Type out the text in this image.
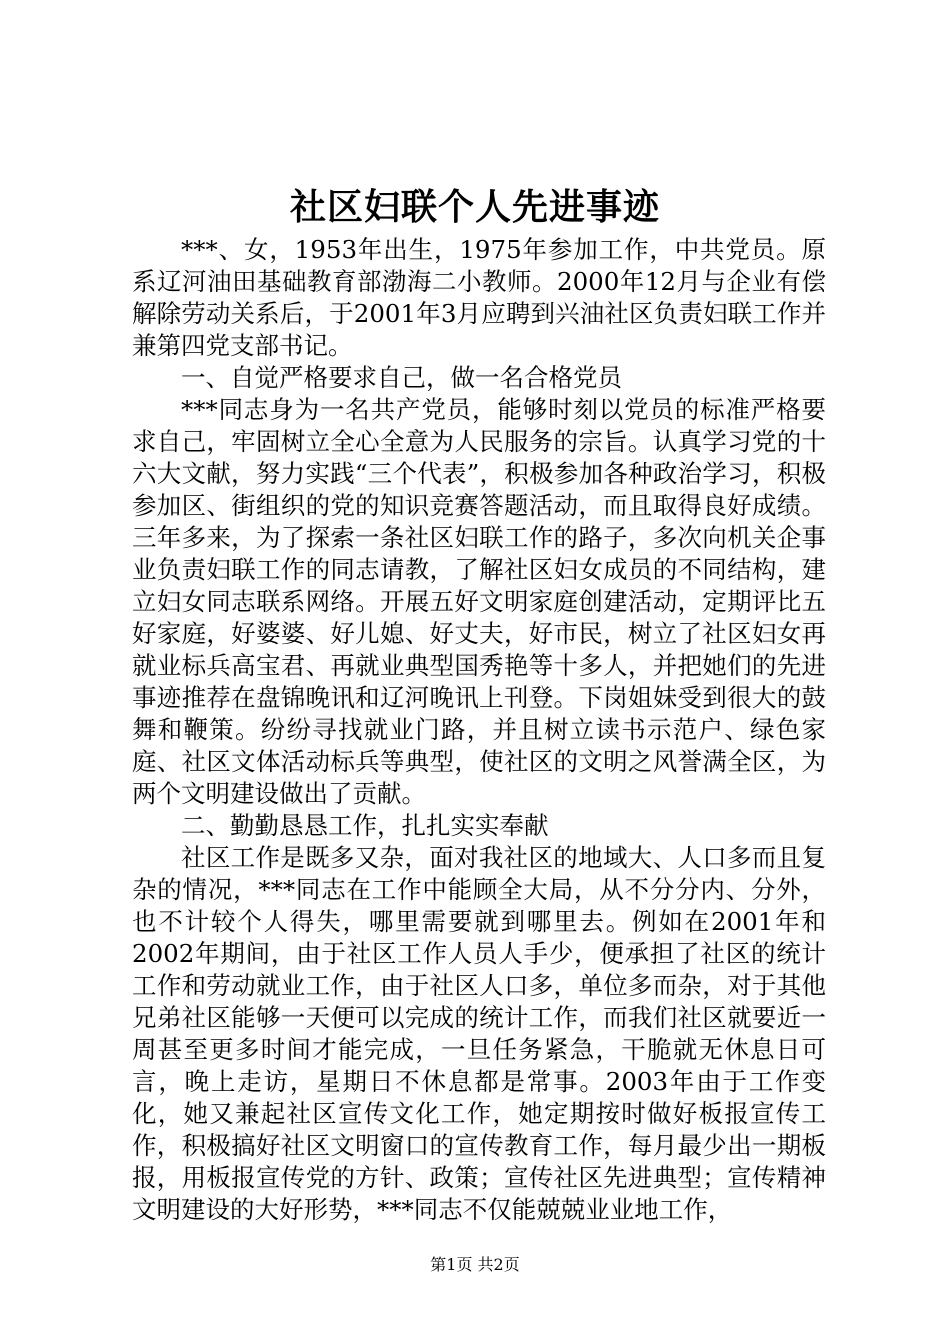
社区妇联个人先进事迹

***、女，1953年出生，1975年参加工作，中共党员。原系辽河油田基础教育部渤海二小教师。2000年12月与企业有偿解除劳动关系后，于2001年3月应聘到兴油社区负责妇联工作并兼第四党支部书记。

一、自觉严格要求自己，做一名合格党员

***同志身为一名共产党员，能够时刻以党员的标准严格要求自己，牢固树立全心全意为人民服务的宗旨。认真学习党的十六大文献，努力实践“三个代表”，积极参加各种政治学习，积极参加区、街组织的党的知识竞赛答题活动，而且取得良好成绩。三年多来，为了探索一条社区妇联工作的路子，多次向机关企事业负责妇联工作的同志请教，了解社区妇女成员的不同结构，建立妇女同志联系网络。开展五好文明家庭创建活动，定期评比五好家庭，好婆婆、好儿媳、好丈夫，好市民，树立了社区妇女再就业标兵高宝君、再就业典型国秀艳等十多人，并把她们的先进事迹推荐在盘锦晚讯和辽河晚讯上刊登。下岗姐妹受到很大的鼓舞和鞭策。纷纷寻找就业门路，并且树立读书示范户、绿色家庭、社区文体活动标兵等典型，使社区的文明之风誉满全区，为两个文明建设做出了贡献。

二、勤勤恳恳工作，扎扎实实奉献

社区工作是既多又杂，面对我社区的地域大、人口多而且复杂的情况，***同志在工作中能顾全大局，从不分分内、分外，也不计较个人得失，哪里需要就到哪里去。例如在2001年和2002年期间，由于社区工作人员人手少，便承担了社区的统计工作和劳动就业工作，由于社区人口多，单位多而杂，对于其他兄弟社区能够一天便可以完成的统计工作，而我们社区就要近一周甚至更多时间才能完成，一旦任务紧急，干脆就无休息日可言，晚上走访，星期日不休息都是常事。2003年由于工作变化，她又兼起社区宣传文化工作，她定期按时做好板报宣传工作，积极搞好社区文明窗口的宣传教育工作，每月最少出一期板报，用板报宣传党的方针、政策；宣传社区先进典型；宣传精神文明建设的大好形势，***同志不仅能兢兢业业地工作，

第1页 共2页
